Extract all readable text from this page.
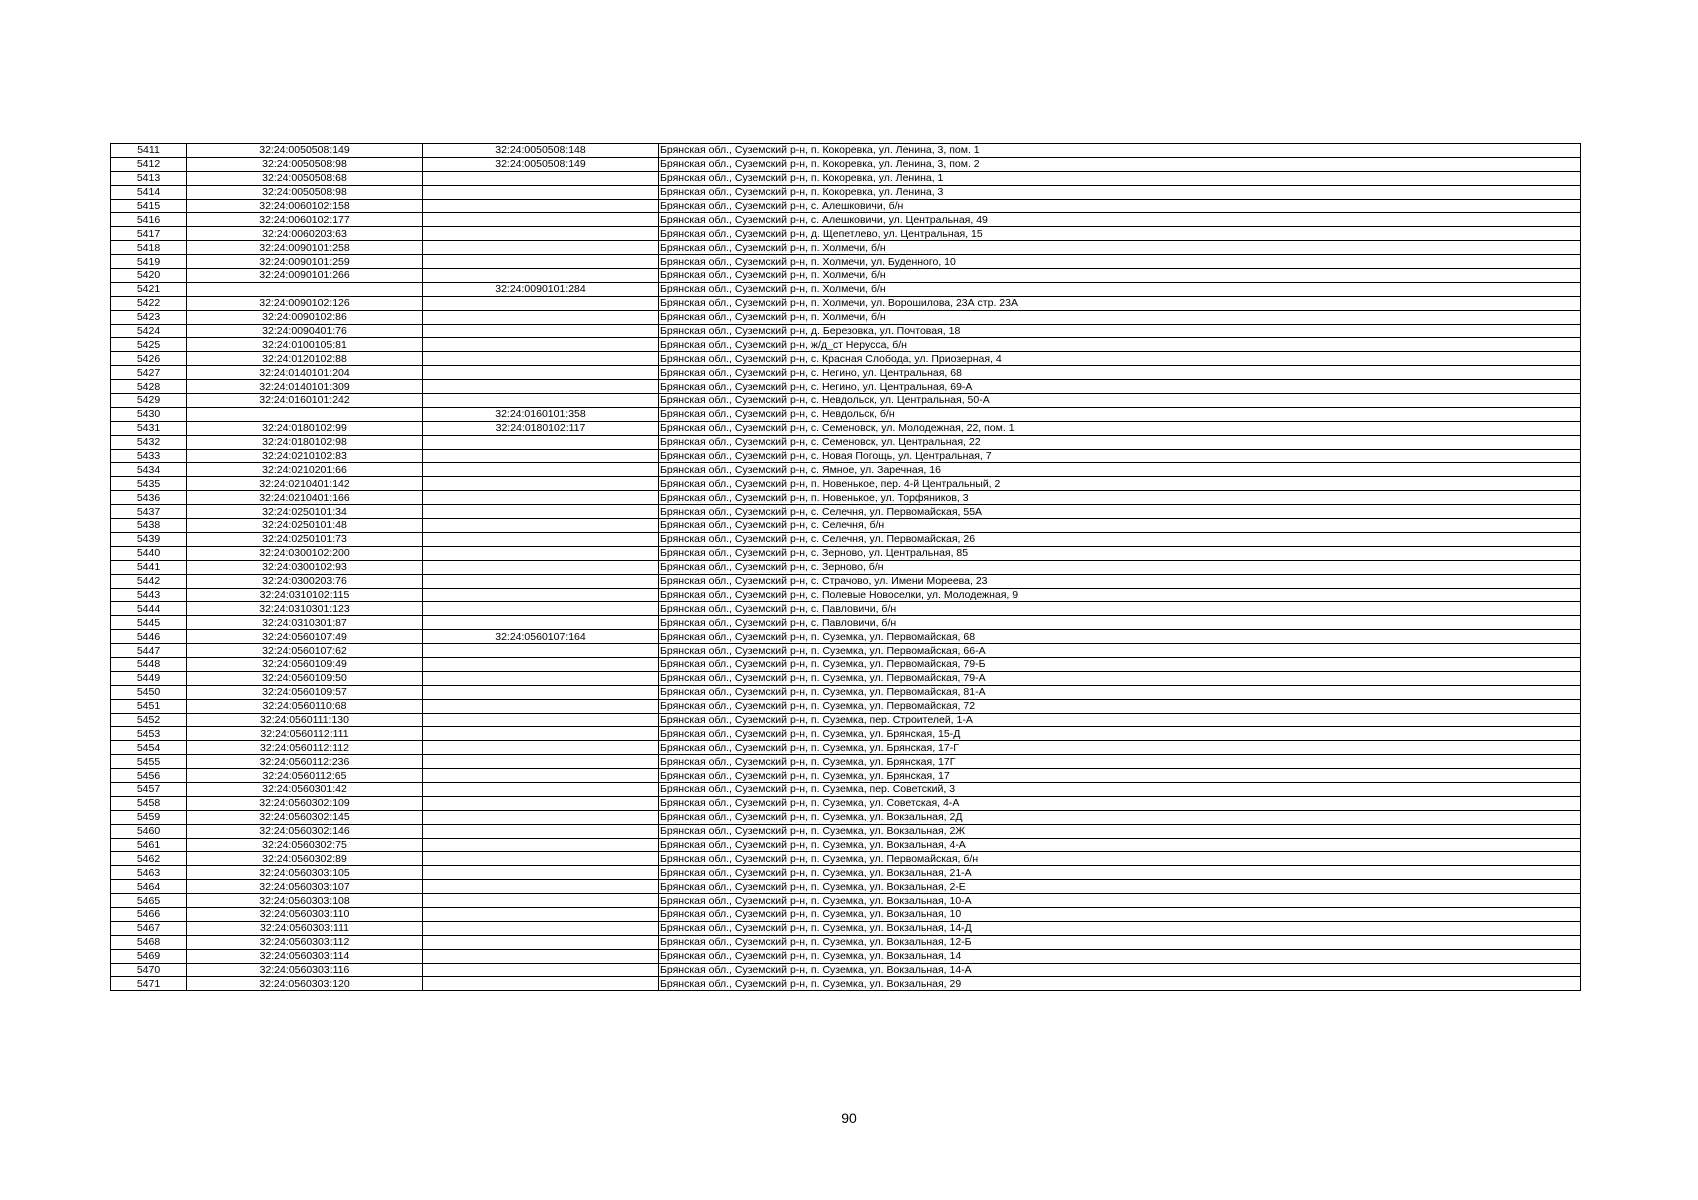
5411	32:24:0050508:149	32:24:0050508:148	Брянская обл., Суземский р-н, п. Кокоревка, ул. Ленина, 3, пом. 1
5412	32:24:0050508:98	32:24:0050508:149	Брянская обл., Суземский р-н, п. Кокоревка, ул. Ленина, 3, пом. 2
5413	32:24:0050508:68		Брянская обл., Суземский р-н, п. Кокоревка, ул. Ленина, 1
5414	32:24:0050508:98		Брянская обл., Суземский р-н, п. Кокоревка, ул. Ленина, 3
5415	32:24:0060102:158		Брянская обл., Суземский р-н, с. Алешковичи, б/н
5416	32:24:0060102:177		Брянская обл., Суземский р-н, с. Алешковичи, ул. Центральная, 49
5417	32:24:0060203:63		Брянская обл., Суземский р-н, д. Щепетлево, ул. Центральная, 15
5418	32:24:0090101:258		Брянская обл., Суземский р-н, п. Холмечи, б/н
5419	32:24:0090101:259		Брянская обл., Суземский р-н, п. Холмечи, ул. Буденного, 10
5420	32:24:0090101:266		Брянская обл., Суземский р-н, п. Холмечи, б/н
5421		32:24:0090101:284	Брянская обл., Суземский р-н, п. Холмечи, б/н
5422	32:24:0090102:126		Брянская обл., Суземский р-н, п. Холмечи, ул. Ворошилова, 23А стр. 23А
5423	32:24:0090102:86		Брянская обл., Суземский р-н, п. Холмечи, б/н
5424	32:24:0090401:76		Брянская обл., Суземский р-н, д. Березовка, ул. Почтовая, 18
5425	32:24:0100105:81		Брянская обл., Суземский р-н, ж/д_ст Неруссa, б/н
5426	32:24:0120102:88		Брянская обл., Суземский р-н, с. Красная Слобода, ул. Приозерная, 4
5427	32:24:0140101:204		Брянская обл., Суземский р-н, с. Негино, ул. Центральная, 68
5428	32:24:0140101:309		Брянская обл., Суземский р-н, с. Негино, ул. Центральная, 69-А
5429	32:24:0160101:242		Брянская обл., Суземский р-н, с. Невдольск, ул. Центральная, 50-А
5430		32:24:0160101:358	Брянская обл., Суземский р-н, с. Невдольск, б/н
5431	32:24:0180102:99	32:24:0180102:117	Брянская обл., Суземский р-н, с. Семеновск, ул. Молодежная, 22, пом. 1
5432	32:24:0180102:98		Брянская обл., Суземский р-н, с. Семеновск, ул. Центральная, 22
5433	32:24:0210102:83		Брянская обл., Суземский р-н, с. Новая Погощь, ул. Центральная, 7
5434	32:24:0210201:66		Брянская обл., Суземский р-н, с. Ямное, ул. Заречная, 16
5435	32:24:0210401:142		Брянская обл., Суземский р-н, п. Новенькое, пер. 4-й Центральный, 2
5436	32:24:0210401:166		Брянская обл., Суземский р-н, п. Новенькое, ул. Торфяников, 3
5437	32:24:0250101:34		Брянская обл., Суземский р-н, с. Селечня, ул. Первомайская, 55А
5438	32:24:0250101:48		Брянская обл., Суземский р-н, с. Селечня, б/н
5439	32:24:0250101:73		Брянская обл., Суземский р-н, с. Селечня, ул. Первомайская, 26
5440	32:24:0300102:200		Брянская обл., Суземский р-н, с. Зерново, ул. Центральная, 85
5441	32:24:0300102:93		Брянская обл., Суземский р-н, с. Зерново, б/н
5442	32:24:0300203:76		Брянская обл., Суземский р-н, с. Страчово, ул. Имени Мореева, 23
5443	32:24:0310102:115		Брянская обл., Суземский р-н, с. Полевые Новоселки, ул. Молодежная, 9
5444	32:24:0310301:123		Брянская обл., Суземский р-н, с. Павловичи, б/н
5445	32:24:0310301:87		Брянская обл., Суземский р-н, с. Павловичи, б/н
5446	32:24:0560107:49	32:24:0560107:164	Брянская обл., Суземский р-н, п. Суземка, ул. Первомайская, 68
5447	32:24:0560107:62		Брянская обл., Суземский р-н, п. Суземка, ул. Первомайская, 66-А
5448	32:24:0560109:49		Брянская обл., Суземский р-н, п. Суземка, ул. Первомайская, 79-Б
5449	32:24:0560109:50		Брянская обл., Суземский р-н, п. Суземка, ул. Первомайская, 79-А
5450	32:24:0560109:57		Брянская обл., Суземский р-н, п. Суземка, ул. Первомайская, 81-А
5451	32:24:0560110:68		Брянская обл., Суземский р-н, п. Суземка, ул. Первомайская, 72
5452	32:24:0560111:130		Брянская обл., Суземский р-н, п. Суземка, пер. Строителей, 1-А
5453	32:24:0560112:111		Брянская обл., Суземский р-н, п. Суземка, ул. Брянская, 15-Д
5454	32:24:0560112:112		Брянская обл., Суземский р-н, п. Суземка, ул. Брянская, 17-Г
5455	32:24:0560112:236		Брянская обл., Суземский р-н, п. Суземка, ул. Брянская, 17Г
5456	32:24:0560112:65		Брянская обл., Суземский р-н, п. Суземка, ул. Брянская, 17
5457	32:24:0560301:42		Брянская обл., Суземский р-н, п. Суземка, пер. Советский, 3
5458	32:24:0560302:109		Брянская обл., Суземский р-н, п. Суземка, ул. Советская, 4-А
5459	32:24:0560302:145		Брянская обл., Суземский р-н, п. Суземка, ул. Вокзальная, 2Д
5460	32:24:0560302:146		Брянская обл., Суземский р-н, п. Суземка, ул. Вокзальная, 2Ж
5461	32:24:0560302:75		Брянская обл., Суземский р-н, п. Суземка, ул. Вокзальная, 4-А
5462	32:24:0560302:89		Брянская обл., Суземский р-н, п. Суземка, ул. Первомайская, б/н
5463	32:24:0560303:105		Брянская обл., Суземский р-н, п. Суземка, ул. Вокзальная, 21-А
5464	32:24:0560303:107		Брянская обл., Суземский р-н, п. Суземка, ул. Вокзальная, 2-Е
5465	32:24:0560303:108		Брянская обл., Суземский р-н, п. Суземка, ул. Вокзальная, 10-А
5466	32:24:0560303:110		Брянская обл., Суземский р-н, п. Суземка, ул. Вокзальная, 10
5467	32:24:0560303:111		Брянская обл., Суземский р-н, п. Суземка, ул. Вокзальная, 14-Д
5468	32:24:0560303:112		Брянская обл., Суземский р-н, п. Суземка, ул. Вокзальная, 12-Б
5469	32:24:0560303:114		Брянская обл., Суземский р-н, п. Суземка, ул. Вокзальная, 14
5470	32:24:0560303:116		Брянская обл., Суземский р-н, п. Суземка, ул. Вокзальная, 14-А
5471	32:24:0560303:120		Брянская обл., Суземский р-н, п. Суземка, ул. Вокзальная, 29
90
